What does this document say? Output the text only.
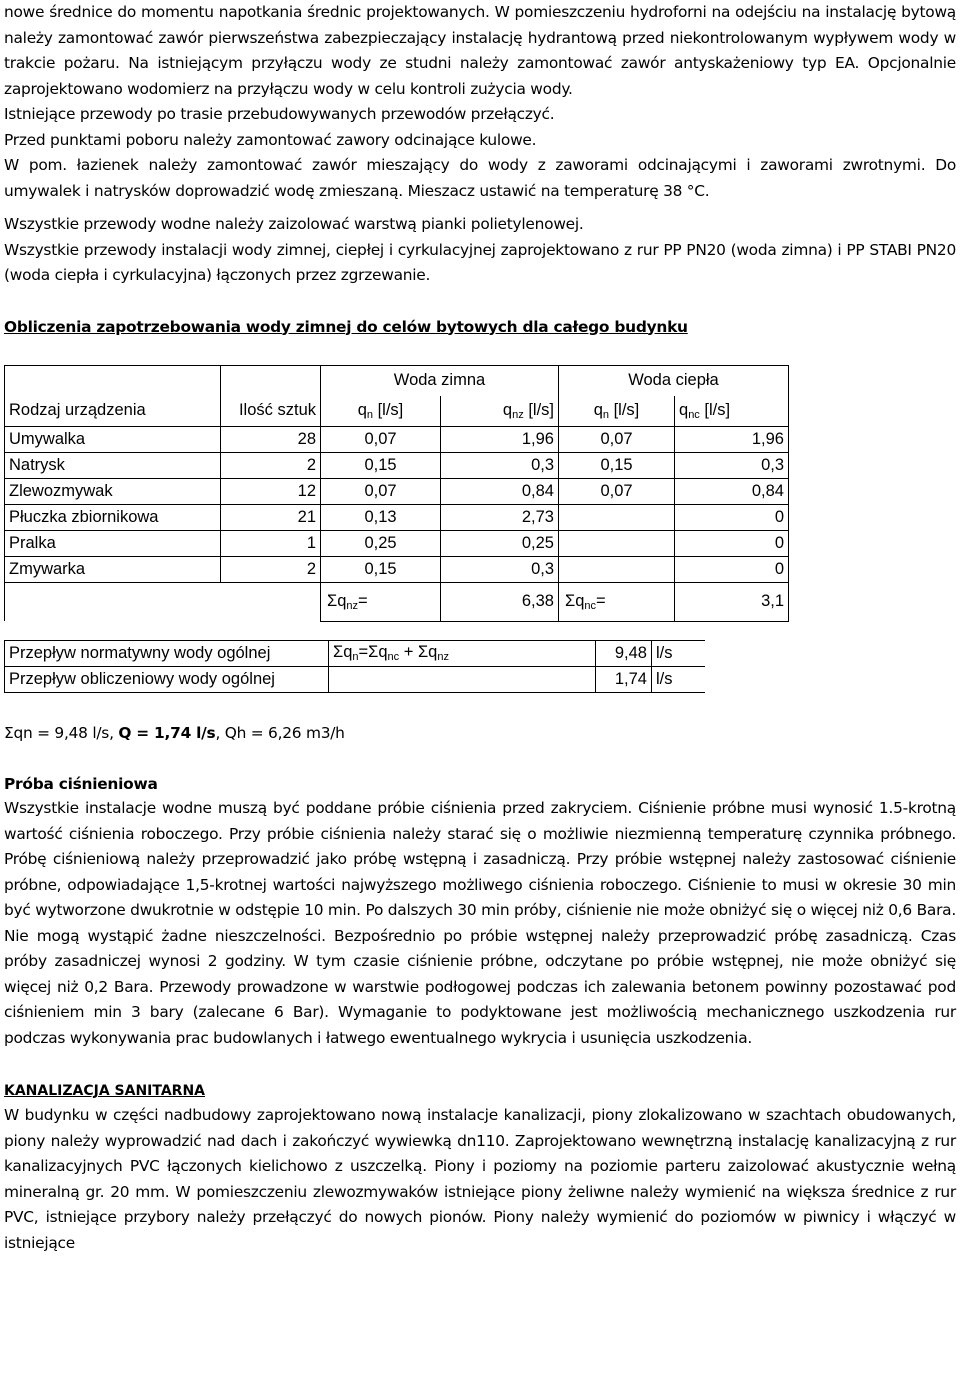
nowe średnice do momentu napotkania średnic projektowanych. W pomieszczeniu hydroforni na odejściu na instalację bytową należy zamontować zawór pierwszeństwa zabezpieczający instalację hydrantową przed niekontrolowanym wypływem wody w trakcie pożaru. Na istniejącym przyłączu wody ze studni należy zamontować zawór antyskażeniowy typ EA. Opcjonalnie zaprojektowano wodomierz na przyłączu wody w celu kontroli zużycia wody.

Istniejące przewody po trasie przebudowywanych przewodów przełączyć.

Przed punktami poboru należy zamontować zawory odcinające kulowe.

W pom. łazienek należy zamontować zawór mieszający do wody z zaworami odcinającymi i zaworami zwrotnymi. Do umywalek i natrysków doprowadzić wodę zmieszaną. Mieszacz ustawić na temperaturę 38 °C.

Wszystkie przewody wodne należy zaizolować warstwą pianki polietylenowej.

Wszystkie przewody instalacji wody zimnej, ciepłej i cyrkulacyjnej zaprojektowano z rur PP PN20 (woda zimna) i PP STABI PN20 (woda ciepła i cyrkulacyjna) łączonych przez zgrzewanie.

Obliczenia zapotrzebowania wody zimnej do celów bytowych dla całego budynku

		Woda zimna		Woda ciepła	
Rodzaj urządzenia	Ilość sztuk	$q_n$ [l/s]	$q_{nz}$ [l/s]	$q_n$ [l/s]	$q_{nc}$ [l/s]
Umywalka	28	0,07	1,96	0,07	1,96
Natrysk	2	0,15	0,3	0,15	0,3
Zlewozmywak	12	0,07	0,84	0,07	0,84
Płuczka zbiornikowa	21	0,13	2,73		0
Pralka	1	0,25	0,25		0
Zmywarka	2	0,15	0,3		0
		$\Sigma q_{nz}=$	6,38	$\Sigma q_{nc}=$	3,1
Przepływ normatywny wody ogólnej	$\Sigma q_n=\Sigma q_{nc} + \Sigma q_{nz}$	9,48	l/s
Przepływ obliczeniowy wody ogólnej		1,74	l/s

Σqn = 9,48 l/s, Q = 1,74 l/s, Qh = 6,26 m3/h

Próba ciśnieniowa

Wszystkie instalacje wodne muszą być poddane próbie ciśnienia przed zakryciem. Ciśnienie próbne musi wynosić 1.5-krotną wartość ciśnienia roboczego. Przy próbie ciśnienia należy starać się o możliwie niezmienną temperaturę czynnika próbnego. Próbę ciśnieniową należy przeprowadzić jako próbę wstępną i zasadniczą. Przy próbie wstępnej należy zastosować ciśnienie próbne, odpowiadające 1,5-krotnej wartości najwyższego możliwego ciśnienia roboczego. Ciśnienie to musi w okresie 30 min być wytworzone dwukrotnie w odstępie 10 min. Po dalszych 30 min próby, ciśnienie nie może obniżyć się o więcej niż 0,6 Bara. Nie mogą wystąpić żadne nieszczelności. Bezpośrednio po próbie wstępnej należy przeprowadzić próbę zasadniczą. Czas próby zasadniczej wynosi 2 godziny. W tym czasie ciśnienie próbne, odczytane po próbie wstępnej, nie może obniżyć się więcej niż 0,2 Bara. Przewody prowadzone w warstwie podłogowej podczas ich zalewania betonem powinny pozostawać pod ciśnieniem min 3 bary (zalecane 6 Bar). Wymaganie to podyktowane jest możliwością mechanicznego uszkodzenia rur podczas wykonywania prac budowlanych i łatwego ewentualnego wykrycia i usunięcia uszkodzenia.

KANALIZACJA SANITARNA

W budynku w części nadbudowy zaprojektowano nową instalacje kanalizacji, piony zlokalizowano w szachtach obudowanych, piony należy wyprowadzić nad dach i zakończyć wywiewką dn110. Zaprojektowano wewnętrzną instalację kanalizacyjną z rur kanalizacyjnych PVC łączonych kielichowo z uszczelką. Piony i poziomy na poziomie parteru zaizolować akustycznie wełną mineralną gr. 20 mm. W pomieszczeniu zlewozmywaków istniejące piony żeliwne należy wymienić na większa średnice z rur PVC, istniejące przybory należy przełączyć do nowych pionów. Piony należy wymienić do poziomów w piwnicy i włączyć w istniejące
